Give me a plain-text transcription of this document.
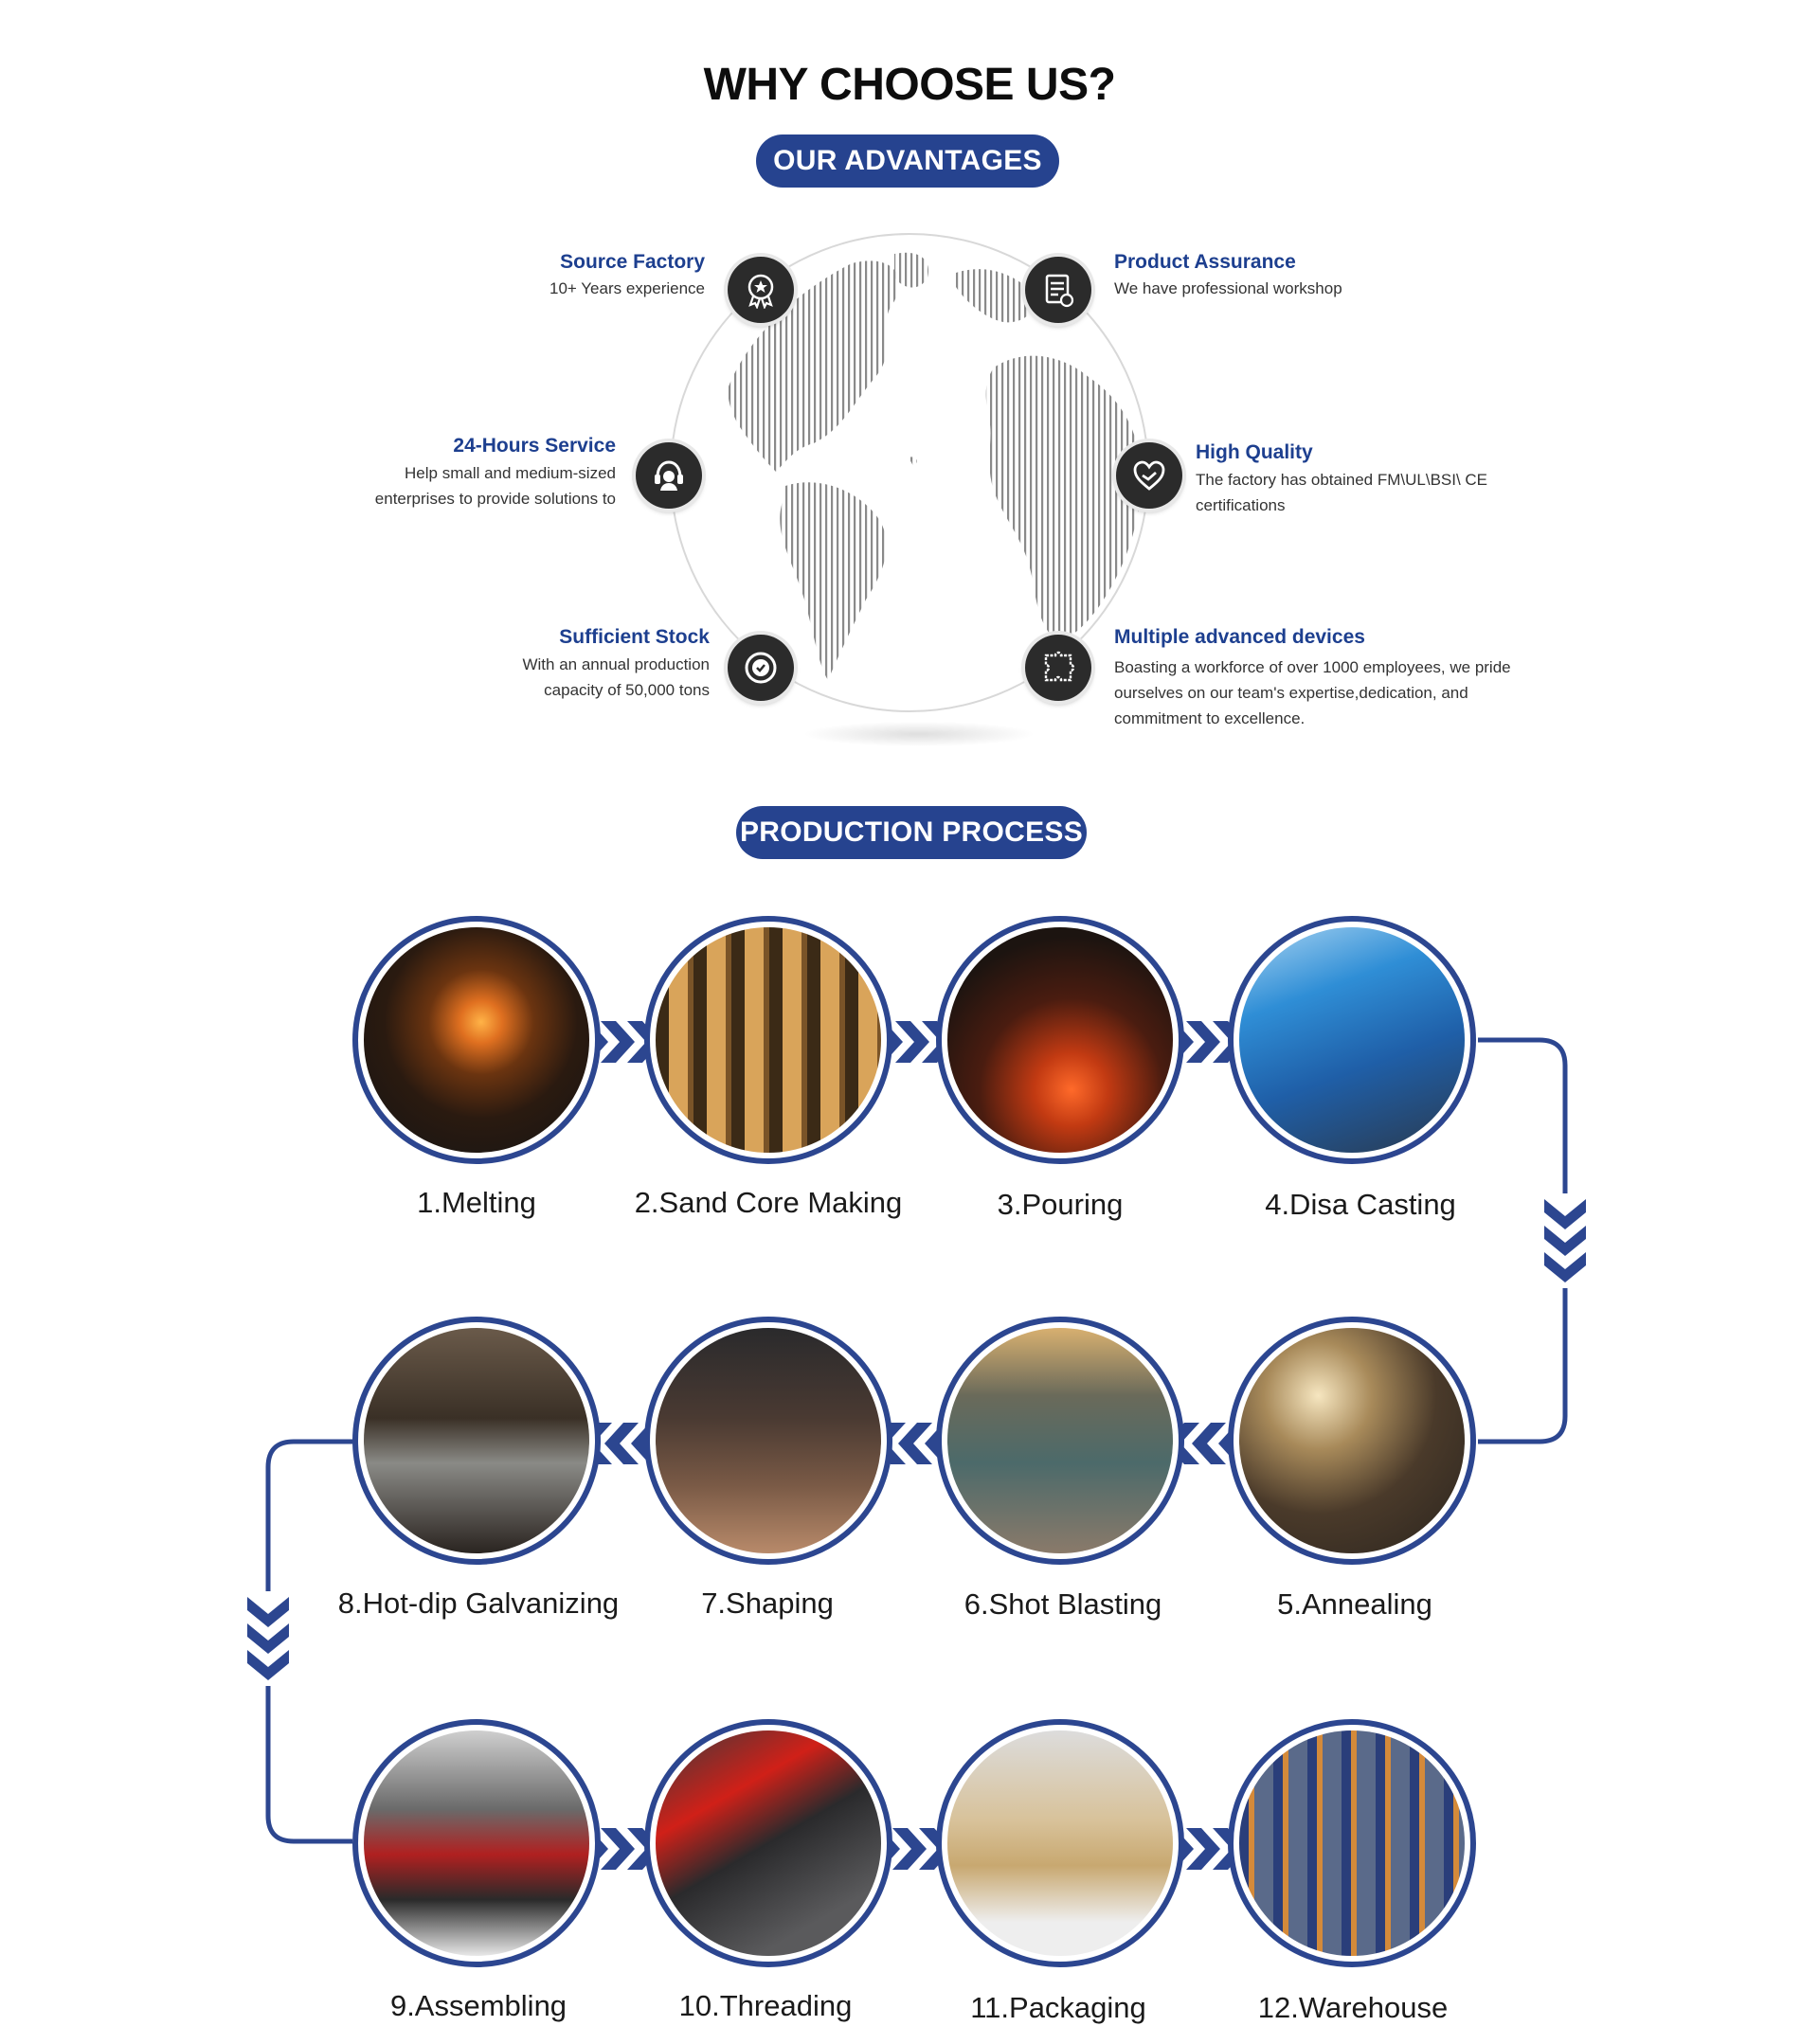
WHY CHOOSE US?
OUR ADVANTAGES
Source Factory
10+ Years experience
Product Assurance
We have professional workshop
24-Hours Service
Help small and medium-sized enterprises to provide solutions to
High Quality
The factory has obtained FM\UL\BSI\ CE certifications
Sufficient Stock
With an annual production capacity of 50,000 tons
Multiple advanced devices
Boasting a workforce of over 1000 employees, we pride ourselves on our team's expertise,dedication, and commitment to excellence.
PRODUCTION PROCESS
1.Melting	2.Sand Core Making	3.Pouring	4.Disa Casting
5.Annealing
6.Shot Blasting
7.Shaping
8.Hot-dip Galvanizing
9.Assembling	10.Threading	11.Packaging	12.Warehouse
